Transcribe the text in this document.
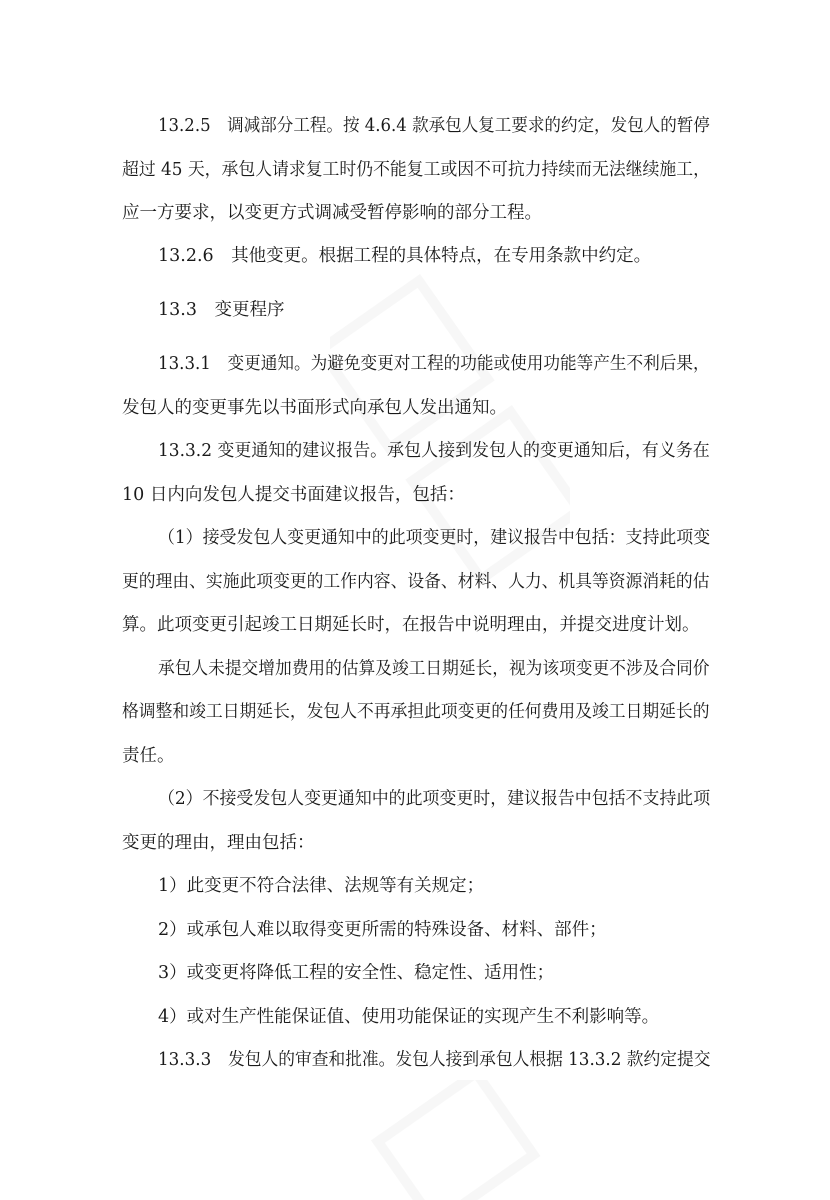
13.2.5　调减部分工程。按 4.6.4 款承包人复工要求的约定，发包人的暂停
超过 45 天，承包人请求复工时仍不能复工或因不可抗力持续而无法继续施工，
应一方要求，以变更方式调减受暂停影响的部分工程。
13.2.6　其他变更。根据工程的具体特点，在专用条款中约定。
13.3　变更程序
13.3.1　变更通知。为避免变更对工程的功能或使用功能等产生不利后果，
发包人的变更事先以书面形式向承包人发出通知。
13.3.2 变更通知的建议报告。承包人接到发包人的变更通知后，有义务在
10 日内向发包人提交书面建议报告，包括：
（1）接受发包人变更通知中的此项变更时，建议报告中包括：支持此项变
更的理由、实施此项变更的工作内容、设备、材料、人力、机具等资源消耗的估
算。此项变更引起竣工日期延长时，在报告中说明理由，并提交进度计划。
承包人未提交增加费用的估算及竣工日期延长，视为该项变更不涉及合同价
格调整和竣工日期延长，发包人不再承担此项变更的任何费用及竣工日期延长的
责任。
（2）不接受发包人变更通知中的此项变更时，建议报告中包括不支持此项
变更的理由，理由包括：
1）此变更不符合法律、法规等有关规定；
2）或承包人难以取得变更所需的特殊设备、材料、部件；
3）或变更将降低工程的安全性、稳定性、适用性；
4）或对生产性能保证值、使用功能保证的实现产生不利影响等。
13.3.3　发包人的审查和批准。发包人接到承包人根据 13.3.2 款约定提交
